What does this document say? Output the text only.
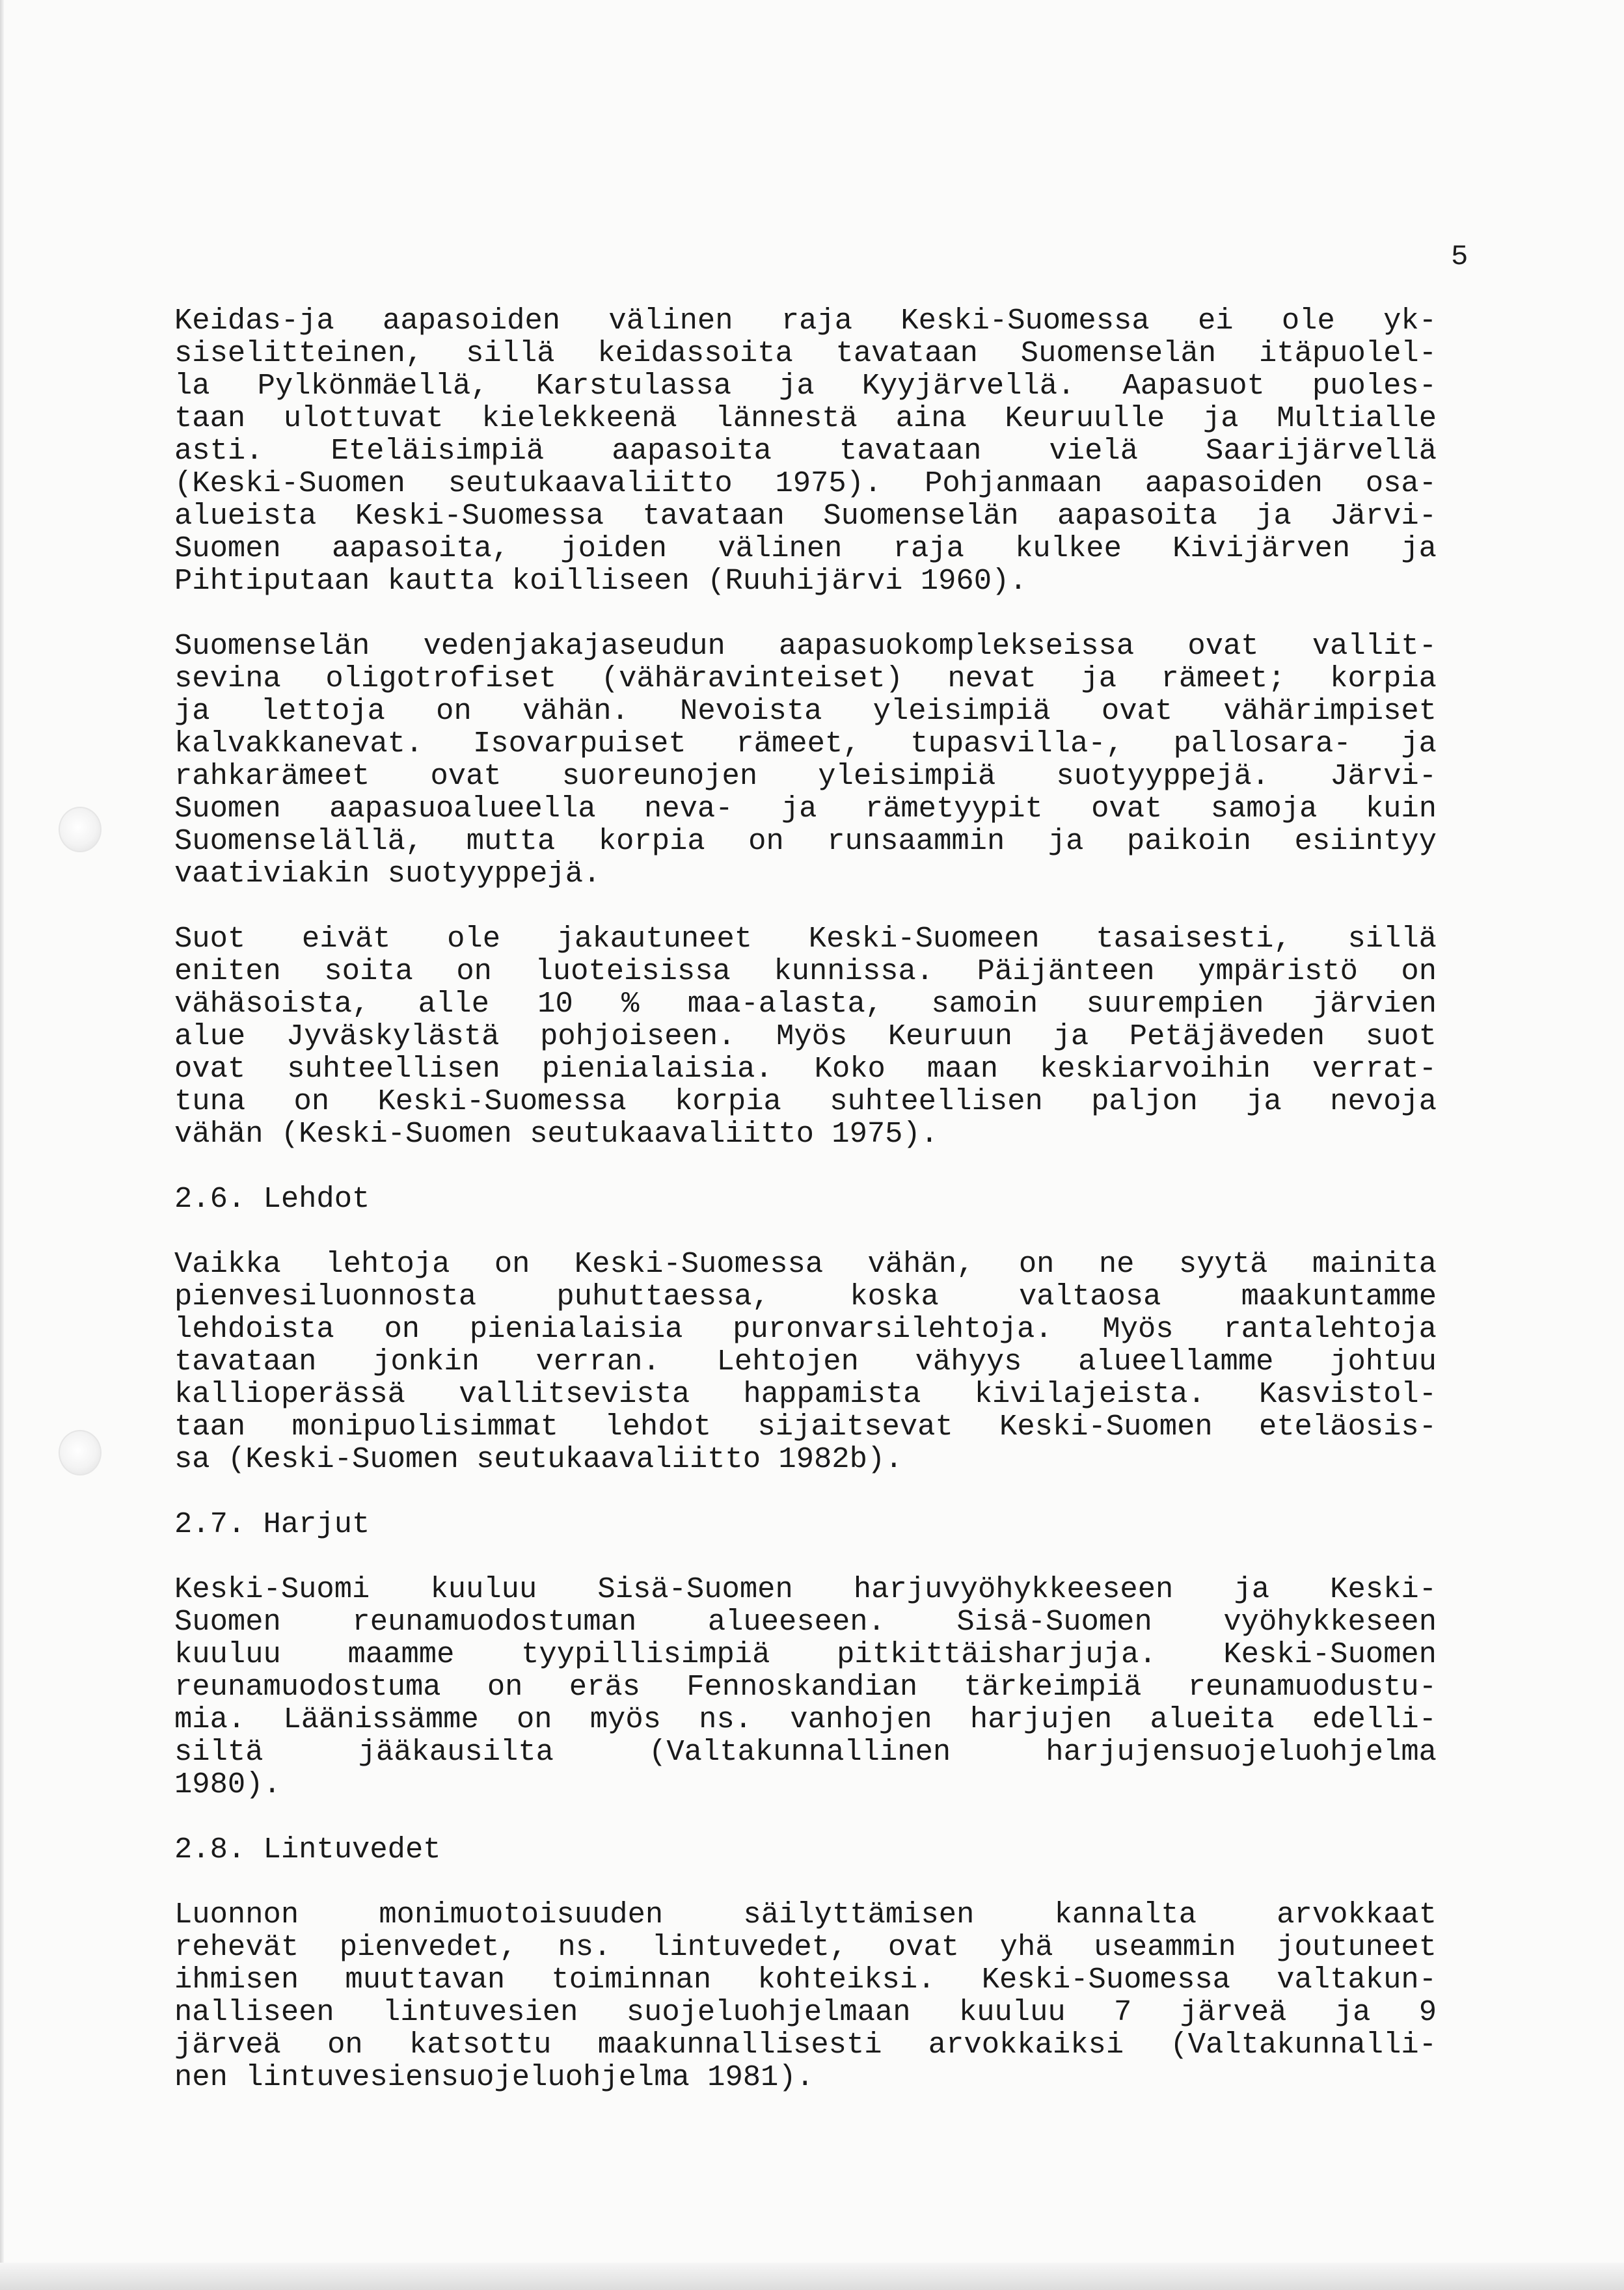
5
Keidas-ja aapasoiden välinen raja Keski-Suomessa ei ole yk-
siselitteinen, sillä keidassoita tavataan Suomenselän itäpuolel-
la Pylkönmäellä, Karstulassa ja Kyyjärvellä. Aapasuot puoles-
taan ulottuvat kielekkeenä lännestä aina Keuruulle ja Multialle
asti. Eteläisimpiä aapasoita tavataan vielä Saarijärvellä
(Keski-Suomen seutukaavaliitto 1975). Pohjanmaan aapasoiden osa-
alueista Keski-Suomessa tavataan Suomenselän aapasoita ja Järvi-
Suomen aapasoita, joiden välinen raja kulkee Kivijärven ja
Pihtiputaan kautta koilliseen (Ruuhijärvi 1960).
Suomenselän vedenjakajaseudun aapasuokomplekseissa ovat vallit-
sevina oligotrofiset (vähäravinteiset) nevat ja rämeet; korpia
ja lettoja on vähän. Nevoista yleisimpiä ovat vähärimpiset
kalvakkanevat. Isovarpuiset rämeet, tupasvilla-, pallosara- ja
rahkarämeet ovat suoreunojen yleisimpiä suotyyppejä. Järvi-
Suomen aapasuoalueella neva- ja rämetyypit ovat samoja kuin
Suomenselällä, mutta korpia on runsaammin ja paikoin esiintyy
vaativiakin suotyyppejä.
Suot eivät ole jakautuneet Keski-Suomeen tasaisesti, sillä
eniten soita on luoteisissa kunnissa. Päijänteen ympäristö on
vähäsoista, alle 10 % maa-alasta, samoin suurempien järvien
alue Jyväskylästä pohjoiseen. Myös Keuruun ja Petäjäveden suot
ovat suhteellisen pienialaisia. Koko maan keskiarvoihin verrat-
tuna on Keski-Suomessa korpia suhteellisen paljon ja nevoja
vähän (Keski-Suomen seutukaavaliitto 1975).
2.6. Lehdot
Vaikka lehtoja on Keski-Suomessa vähän, on ne syytä mainita
pienvesiluonnosta puhuttaessa, koska valtaosa maakuntamme
lehdoista on pienialaisia puronvarsilehtoja. Myös rantalehtoja
tavataan jonkin verran. Lehtojen vähyys alueellamme johtuu
kallioperässä vallitsevista happamista kivilajeista. Kasvistol-
taan monipuolisimmat lehdot sijaitsevat Keski-Suomen eteläosis-
sa (Keski-Suomen seutukaavaliitto 1982b).
2.7. Harjut
Keski-Suomi kuuluu Sisä-Suomen harjuvyöhykkeeseen ja Keski-
Suomen reunamuodostuman alueeseen. Sisä-Suomen vyöhykkeseen
kuuluu maamme tyypillisimpiä pitkittäisharjuja. Keski-Suomen
reunamuodostuma on eräs Fennoskandian tärkeimpiä reunamuodustu-
mia. Läänissämme on myös ns. vanhojen harjujen alueita edelli-
siltä jääkausilta (Valtakunnallinen harjujensuojeluohjelma
1980).
2.8. Lintuvedet
Luonnon monimuotoisuuden säilyttämisen kannalta arvokkaat
rehevät pienvedet, ns. lintuvedet, ovat yhä useammin joutuneet
ihmisen muuttavan toiminnan kohteiksi. Keski-Suomessa valtakun-
nalliseen lintuvesien suojeluohjelmaan kuuluu 7 järveä ja 9
järveä on katsottu maakunnallisesti arvokkaiksi (Valtakunnalli-
nen lintuvesiensuojeluohjelma 1981).
